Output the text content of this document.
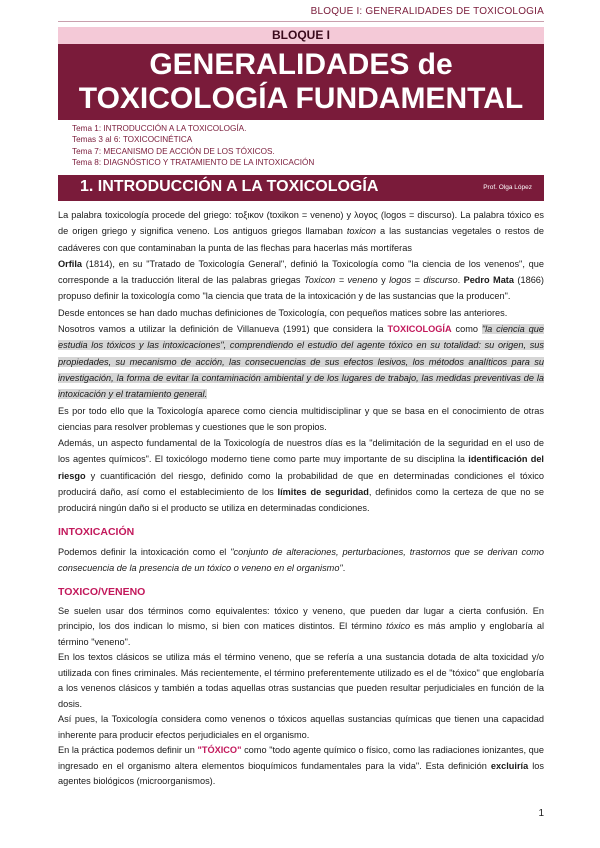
BLOQUE I: GENERALIDADES DE TOXICOLOGIA
BLOQUE I
GENERALIDADES de
TOXICOLOGÍA FUNDAMENTAL
Tema 1: INTRODUCCIÓN A LA TOXICOLOGÍA.
Temas 3 al 6: TOXICOCINÉTICA
Tema 7: MECANISMO DE ACCIÓN DE LOS TÓXICOS.
Tema 8: DIAGNÓSTICO Y TRATAMIENTO DE LA INTOXICACIÓN
1. INTRODUCCIÓN A LA TOXICOLOGÍA	Prof. Olga López

La palabra toxicología procede del griego: τοξικον (toxikon = veneno) y λογος (logos = discurso). La palabra tóxico es de origen griego y significa veneno. Los antiguos griegos llamaban toxicon a las sustancias vegetales o restos de cadáveres con que contaminaban la punta de las flechas para hacerlas más mortíferas

Orfila (1814), en su "Tratado de Toxicología General", definió la Toxicología como "la ciencia de los venenos", que corresponde a la traducción literal de las palabras griegas Toxicon = veneno y logos = discurso. Pedro Mata (1866) propuso definir la toxicología como "la ciencia que trata de la intoxicación y de las sustancias que la producen".

Desde entonces se han dado muchas definiciones de Toxicología, con pequeños matices sobre las anteriores.

Nosotros vamos a utilizar la definición de Villanueva (1991) que considera la TOXICOLOGÍA como "la ciencia que estudia los tóxicos y las intoxicaciones", comprendiendo el estudio del agente tóxico en su totalidad: su origen, sus propiedades, su mecanismo de acción, las consecuencias de sus efectos lesivos, los métodos analíticos para su investigación, la forma de evitar la contaminación ambiental y de los lugares de trabajo, las medidas preventivas de la intoxicación y el tratamiento general.

Es por todo ello que la Toxicología aparece como ciencia multidisciplinar y que se basa en el conocimiento de otras ciencias para resolver problemas y cuestiones que le son propios.

Además, un aspecto fundamental de la Toxicología de nuestros días es la "delimitación de la seguridad en el uso de los agentes químicos". El toxicólogo moderno tiene como parte muy importante de su disciplina la identificación del riesgo y cuantificación del riesgo, definido como la probabilidad de que en determinadas condiciones el tóxico producirá daño, así como el establecimiento de los límites de seguridad, definidos como la certeza de que no se producirá ningún daño si el producto se utiliza en determinadas condiciones.

INTOXICACIÓN

Podemos definir la intoxicación como el "conjunto de alteraciones, perturbaciones, trastornos que se derivan como consecuencia de la presencia de un tóxico o veneno en el organismo".

TOXICO/VENENO

Se suelen usar dos términos como equivalentes: tóxico y veneno, que pueden dar lugar a cierta confusión. En principio, los dos indican lo mismo, si bien con matices distintos. El término tóxico es más amplio y englobaría al término "veneno".

En los textos clásicos se utiliza más el término veneno, que se refería a una sustancia dotada de alta toxicidad y/o utilizada con fines criminales. Más recientemente, el término preferentemente utilizado es el de "tóxico" que englobaría a los venenos clásicos y también a todas aquellas otras sustancias que pueden resultar perjudiciales en función de la dosis.

Así pues, la Toxicología considera como venenos o tóxicos aquellas sustancias químicas que tienen una capacidad inherente para producir efectos perjudiciales en el organismo.

En la práctica podemos definir un "TÓXICO" como "todo agente químico o físico, como las radiaciones ionizantes, que ingresado en el organismo altera elementos bioquímicos fundamentales para la vida". Esta definición excluiría los agentes biológicos (microorganismos).

1
